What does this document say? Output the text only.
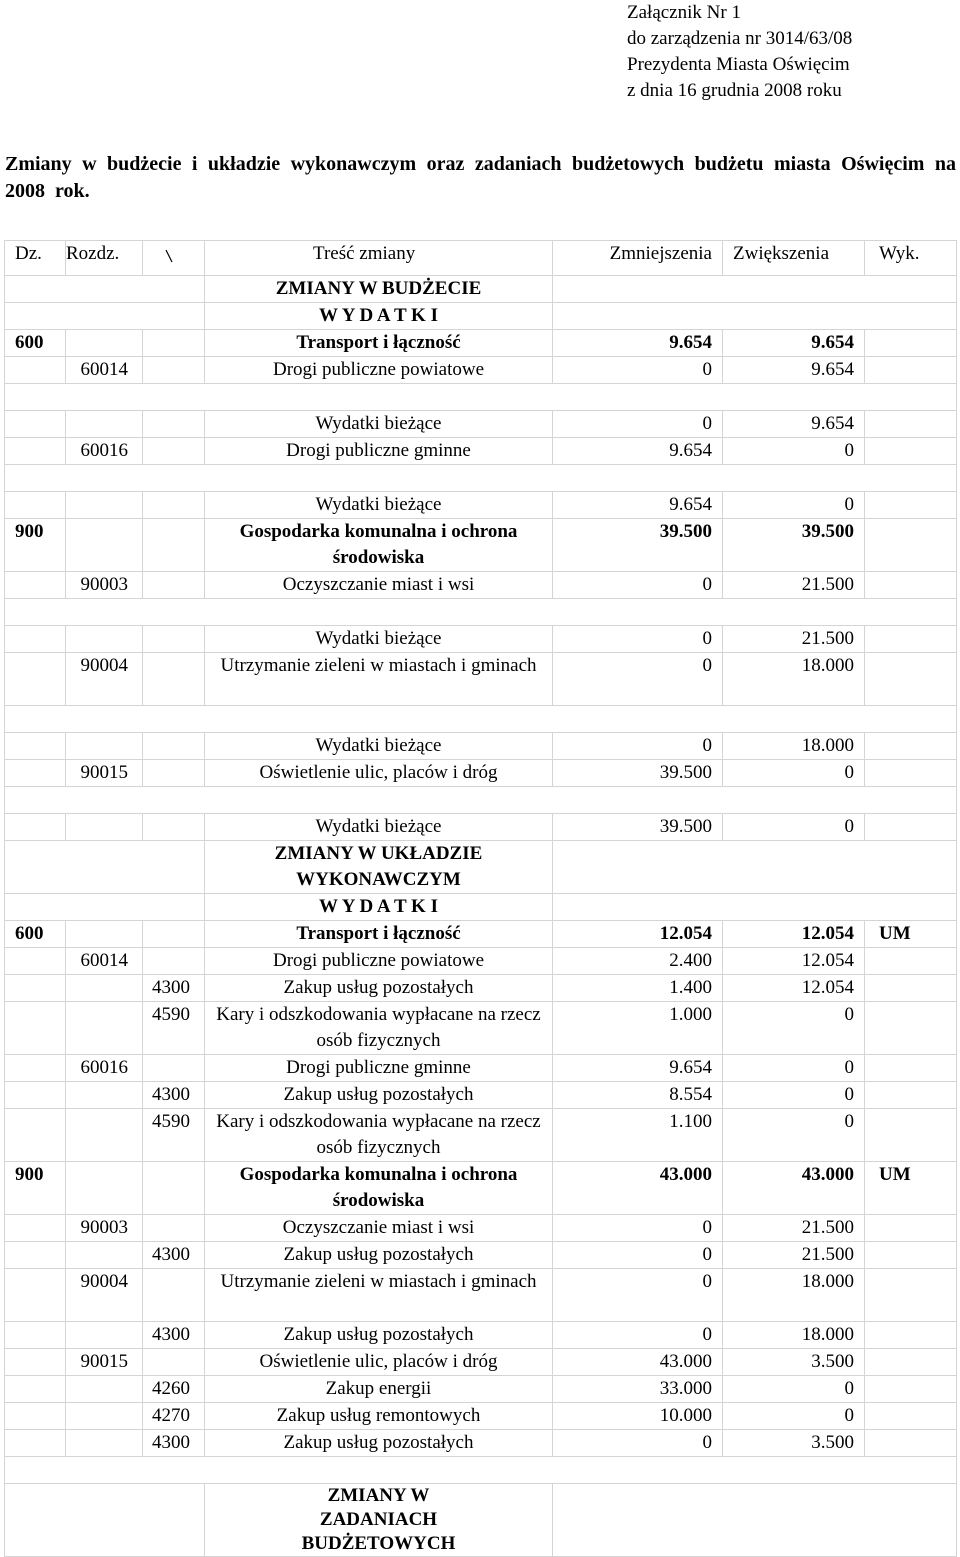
Załącznik Nr 1
do zarządzenia nr 3014/63/08
Prezydenta Miasta Oświęcim
z dnia 16 grudnia 2008 roku
Zmiany w budżecie i układzie wykonawczym oraz zadaniach budżetowych budżetu miasta Oświęcim na 2008 rok.
Dz.	Rozdz.		Treść zmiany	Zmniejszenia	Zwiększenia	Wyk.
			ZMIANY W BUDŻECIE			
			W Y D A T K I			
600			Transport i łączność	9.654	9.654	
	60014		Drogi publiczne powiatowe	0	9.654	

			Wydatki bieżące	0	9.654	
	60016		Drogi publiczne gminne	9.654	0	

			Wydatki bieżące	9.654	0	
900			Gospodarka komunalna i ochrona środowiska	39.500	39.500	
	90003		Oczyszczanie miast i wsi	0	21.500	

			Wydatki bieżące	0	21.500	
	90004		Utrzymanie zieleni w miastach i gminach	0	18.000	

			Wydatki bieżące	0	18.000	
	90015		Oświetlenie ulic, placów i dróg	39.500	0	

			Wydatki bieżące	39.500	0	
			ZMIANY W UKŁADZIE WYKONAWCZYM			
			W Y D A T K I			
600			Transport i łączność	12.054	12.054	UM
	60014		Drogi publiczne powiatowe	2.400	12.054	
		4300	Zakup usług pozostałych	1.400	12.054	
		4590	Kary i odszkodowania wypłacane na rzecz osób fizycznych	1.000	0	
	60016		Drogi publiczne gminne	9.654	0	
		4300	Zakup usług pozostałych	8.554	0	
		4590	Kary i odszkodowania wypłacane na rzecz osób fizycznych	1.100	0	
900			Gospodarka komunalna i ochrona środowiska	43.000	43.000	UM
	90003		Oczyszczanie miast i wsi	0	21.500	
		4300	Zakup usług pozostałych	0	21.500	
	90004		Utrzymanie zieleni w miastach i gminach	0	18.000	
		4300	Zakup usług pozostałych	0	18.000	
	90015		Oświetlenie ulic, placów i dróg	43.000	3.500	
		4260	Zakup energii	33.000	0	
		4270	Zakup usług remontowych	10.000	0	
		4300	Zakup usług pozostałych	0	3.500	

			ZMIANY W ZADANIACH BUDŻETOWYCH			
